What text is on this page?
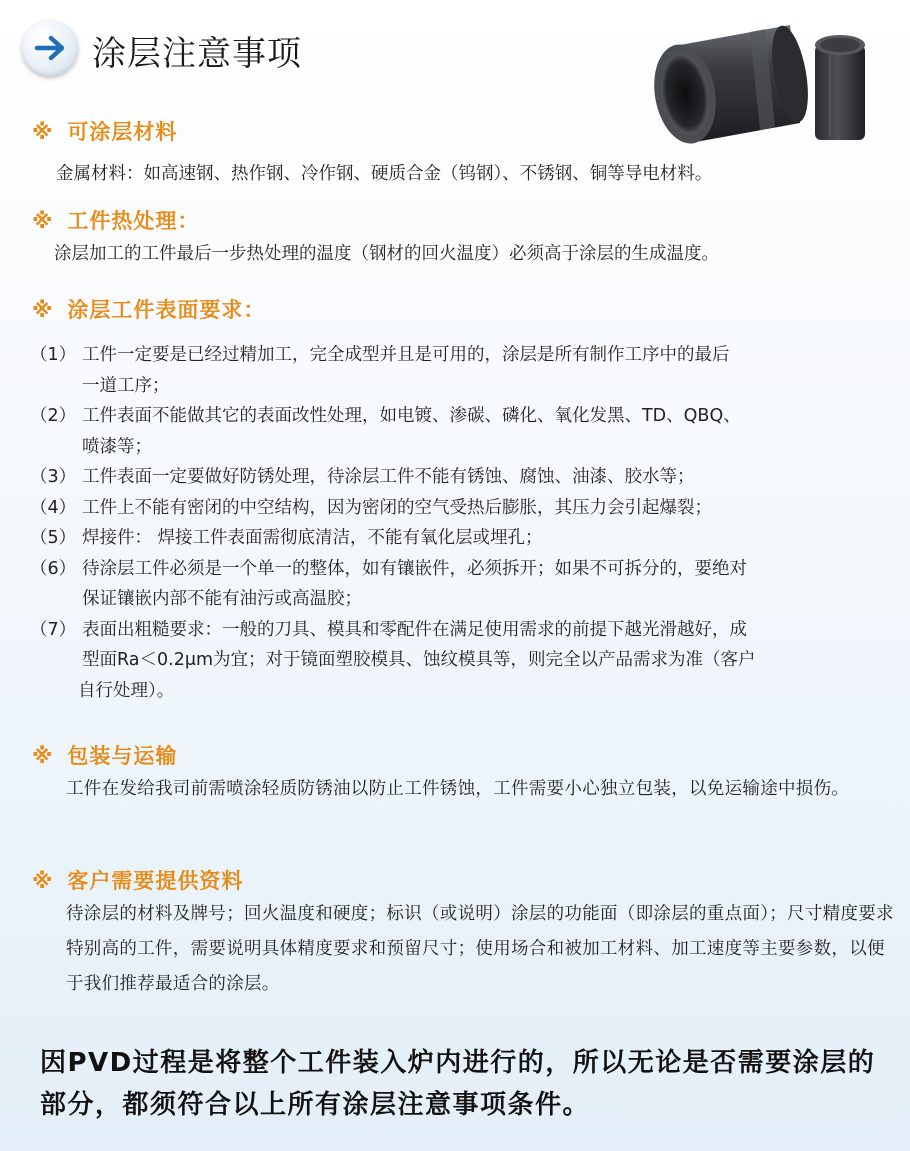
涂层注意事项
※ 可涂层材料
金属材料：如高速钢、热作钢、冷作钢、硬质合金（钨钢）、不锈钢、铜等导电材料。
※ 工件热处理：
涂层加工的工件最后一步热处理的温度（钢材的回火温度）必须高于涂层的生成温度。
※ 涂层工件表面要求：
（1） 工件一定要是已经过精加工，完全成型并且是可用的，涂层是所有制作工序中的最后
一道工序；
（2） 工件表面不能做其它的表面改性处理，如电镀、渗碳、磷化、氧化发黑、TD、QBQ、
喷漆等；
（3） 工件表面一定要做好防锈处理，待涂层工件不能有锈蚀、腐蚀、油漆、胶水等；
（4） 工件上不能有密闭的中空结构，因为密闭的空气受热后膨胀，其压力会引起爆裂；
（5） 焊接件： 焊接工件表面需彻底清洁，不能有氧化层或埋孔；
（6） 待涂层工件必须是一个单一的整体，如有镶嵌件，必须拆开；如果不可拆分的，要绝对
保证镶嵌内部不能有油污或高温胶；
（7） 表面出粗糙要求：一般的刀具、模具和零配件在满足使用需求的前提下越光滑越好，成
型面Ra＜0.2μm为宜；对于镜面塑胶模具、蚀纹模具等，则完全以产品需求为准（客户
自行处理）。
※ 包装与运输
工件在发给我司前需喷涂轻质防锈油以防止工件锈蚀，工件需要小心独立包装，以免运输途中损伤。
※ 客户需要提供资料
待涂层的材料及牌号；回火温度和硬度；标识（或说明）涂层的功能面（即涂层的重点面）；尺寸精度要求特别高的工件，需要说明具体精度要求和预留尺寸；使用场合和被加工材料、加工速度等主要参数，以便于我们推荐最适合的涂层。
因PVD过程是将整个工件装入炉内进行的，所以无论是否需要涂层的部分，都须符合以上所有涂层注意事项条件。
